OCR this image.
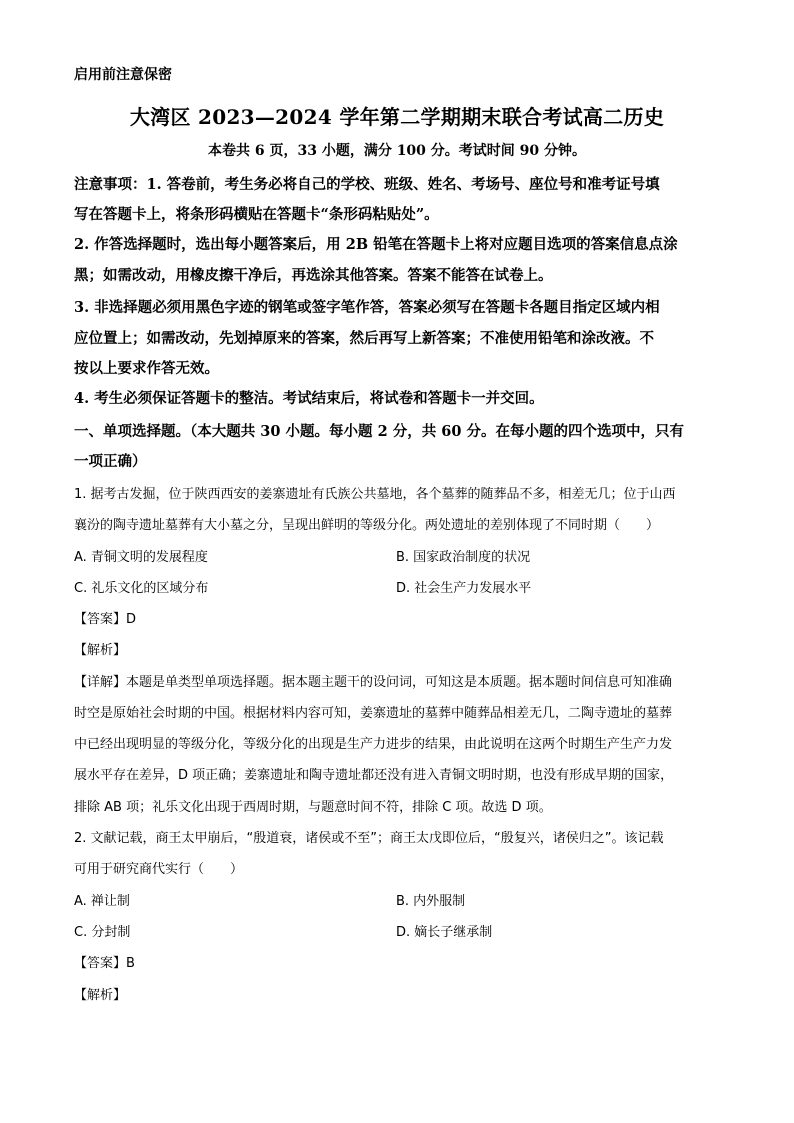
启用前注意保密
大湾区 2023—2024 学年第二学期期末联合考试高二历史
本卷共 6 页，33 小题，满分 100 分。考试时间 90 分钟。
注意事项：1. 答卷前，考生务必将自己的学校、班级、姓名、考场号、座位号和准考证号填
写在答题卡上，将条形码横贴在答题卡“条形码粘贴处”。
2. 作答选择题时，选出每小题答案后，用 2B 铅笔在答题卡上将对应题目选项的答案信息点涂
黑；如需改动，用橡皮擦干净后，再选涂其他答案。答案不能答在试卷上。
3. 非选择题必须用黑色字迹的钢笔或签字笔作答，答案必须写在答题卡各题目指定区域内相
应位置上；如需改动，先划掉原来的答案，然后再写上新答案；不准使用铅笔和涂改液。不
按以上要求作答无效。
4. 考生必须保证答题卡的整洁。考试结束后，将试卷和答题卡一并交回。
一、单项选择题。（本大题共 30 小题。每小题 2 分，共 60 分。在每小题的四个选项中，只有
一项正确）
1. 据考古发掘，位于陕西西安的姜寨遗址有氏族公共墓地，各个墓葬的随葬品不多，相差无几；位于山西
襄汾的陶寺遗址墓葬有大小墓之分，呈现出鲜明的等级分化。两处遗址的差别体现了不同时期（　　）
A. 青铜文明的发展程度	B. 国家政治制度的状况
C. 礼乐文化的区域分布	D. 社会生产力发展水平
【答案】D
【解析】
【详解】本题是单类型单项选择题。据本题主题干的设问词，可知这是本质题。据本题时间信息可知准确
时空是原始社会时期的中国。根据材料内容可知，姜寨遗址的墓葬中随葬品相差无几，二陶寺遗址的墓葬
中已经出现明显的等级分化，等级分化的出现是生产力进步的结果，由此说明在这两个时期生产生产力发
展水平存在差异，D 项正确；姜寨遗址和陶寺遗址都还没有进入青铜文明时期，也没有形成早期的国家，
排除 AB 项；礼乐文化出现于西周时期，与题意时间不符，排除 C 项。故选 D 项。
2. 文献记载，商王太甲崩后，“殷道衰，诸侯或不至”；商王太戊即位后，“殷复兴，诸侯归之”。该记载
可用于研究商代实行（　　）
A. 禅让制	B. 内外服制
C. 分封制	D. 嫡长子继承制
【答案】B
【解析】
